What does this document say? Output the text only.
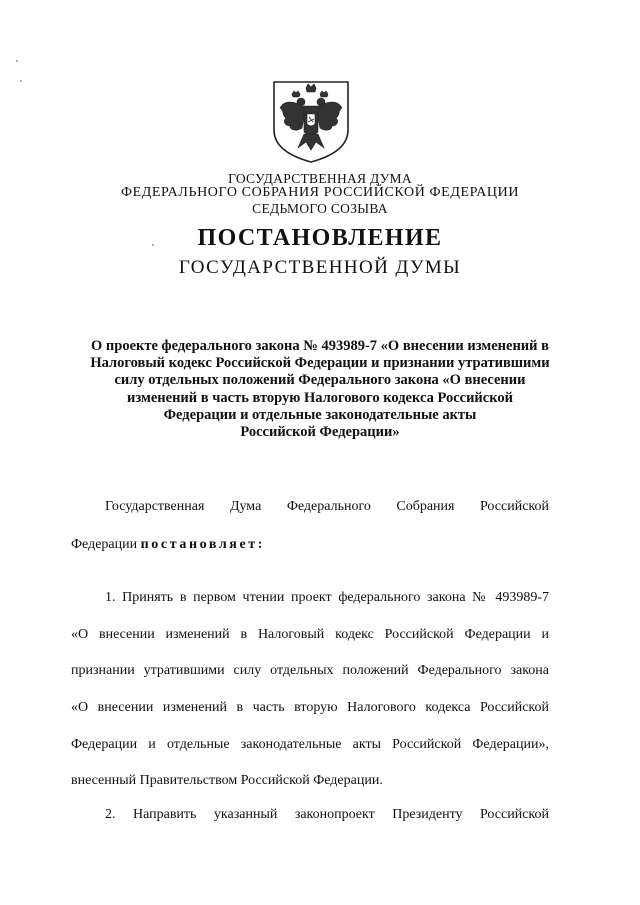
ГОСУДАРСТВЕННАЯ ДУМА
ФЕДЕРАЛЬНОГО СОБРАНИЯ РОССИЙСКОЙ ФЕДЕРАЦИИ
СЕДЬМОГО СОЗЫВА
ПОСТАНОВЛЕНИЕ
ГОСУДАРСТВЕННОЙ ДУМЫ
О проекте федерального закона № 493989-7 «О внесении изменений в
Налоговый кодекс Российской Федерации и признании утратившими
силу отдельных положений Федерального закона «О внесении
изменений в часть вторую Налогового кодекса Российской
Федерации и отдельные законодательные акты
Российской Федерации»
Государственная Дума Федерального Собрания Российской
Федерации постановляет:
1. Принять в первом чтении проект федерального закона № 493989-7
«О внесении изменений в Налоговый кодекс Российской Федерации и
признании утратившими силу отдельных положений Федерального закона
«О внесении изменений в часть вторую Налогового кодекса Российской
Федерации и отдельные законодательные акты Российской Федерации»,
внесенный Правительством Российской Федерации.
2. Направить указанный законопроект Президенту Российской
